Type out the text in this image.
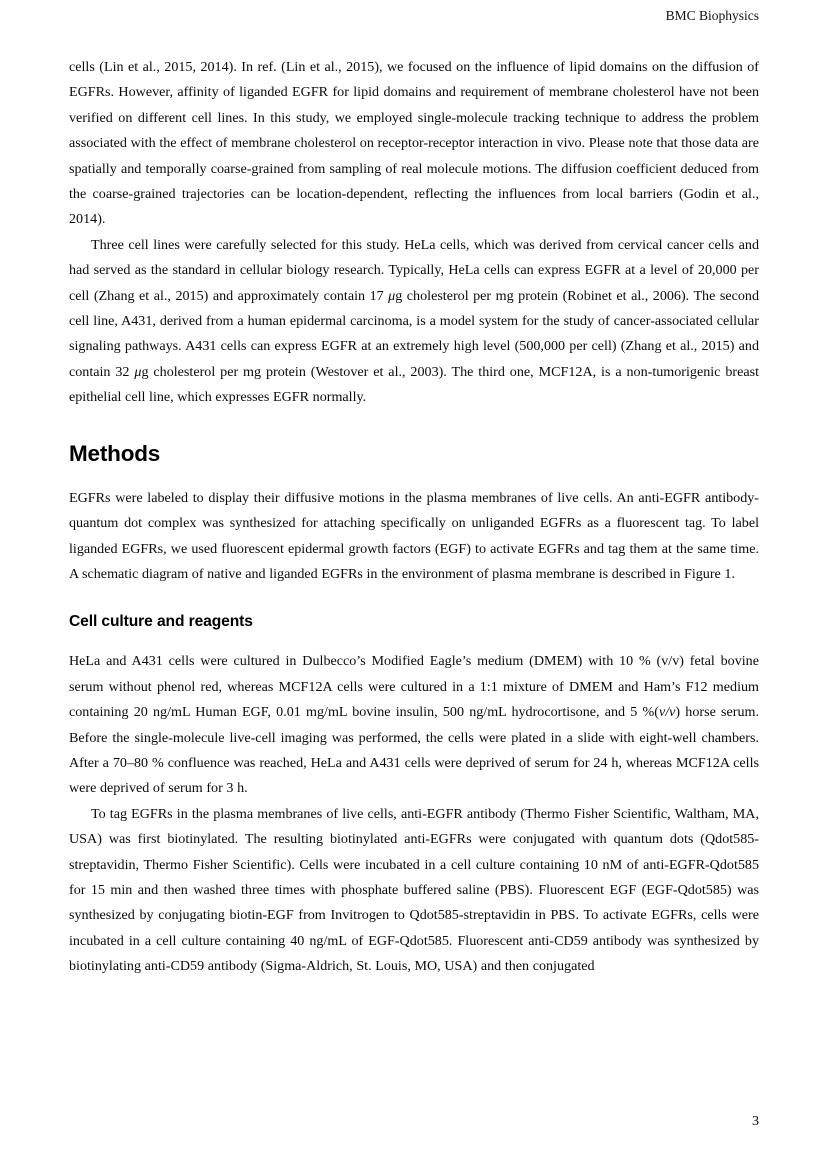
BMC Biophysics

cells (Lin et al., 2015, 2014). In ref. (Lin et al., 2015), we focused on the influence of lipid domains on the diffusion of EGFRs. However, affinity of liganded EGFR for lipid domains and requirement of membrane cholesterol have not been verified on different cell lines. In this study, we employed single-molecule tracking technique to address the problem associated with the effect of membrane cholesterol on receptor-receptor interaction in vivo. Please note that those data are spatially and temporally coarse-grained from sampling of real molecule motions. The diffusion coefficient deduced from the coarse-grained trajectories can be location-dependent, reflecting the influences from local barriers (Godin et al., 2014).

Three cell lines were carefully selected for this study. HeLa cells, which was derived from cervical cancer cells and had served as the standard in cellular biology research. Typically, HeLa cells can express EGFR at a level of 20,000 per cell (Zhang et al., 2015) and approximately contain 17 μg cholesterol per mg protein (Robinet et al., 2006). The second cell line, A431, derived from a human epidermal carcinoma, is a model system for the study of cancer-associated cellular signaling pathways. A431 cells can express EGFR at an extremely high level (500,000 per cell) (Zhang et al., 2015) and contain 32 μg cholesterol per mg protein (Westover et al., 2003). The third one, MCF12A, is a non-tumorigenic breast epithelial cell line, which expresses EGFR normally.

Methods

EGFRs were labeled to display their diffusive motions in the plasma membranes of live cells. An anti-EGFR antibody-quantum dot complex was synthesized for attaching specifically on unliganded EGFRs as a fluorescent tag. To label liganded EGFRs, we used fluorescent epidermal growth factors (EGF) to activate EGFRs and tag them at the same time. A schematic diagram of native and liganded EGFRs in the environment of plasma membrane is described in Figure 1.

Cell culture and reagents

HeLa and A431 cells were cultured in Dulbecco’s Modified Eagle’s medium (DMEM) with 10 % (v/v) fetal bovine serum without phenol red, whereas MCF12A cells were cultured in a 1:1 mixture of DMEM and Ham’s F12 medium containing 20 ng/mL Human EGF, 0.01 mg/mL bovine insulin, 500 ng/mL hydrocortisone, and 5 %(v/v) horse serum. Before the single-molecule live-cell imaging was performed, the cells were plated in a slide with eight-well chambers. After a 70–80 % confluence was reached, HeLa and A431 cells were deprived of serum for 24 h, whereas MCF12A cells were deprived of serum for 3 h.

To tag EGFRs in the plasma membranes of live cells, anti-EGFR antibody (Thermo Fisher Scientific, Waltham, MA, USA) was first biotinylated. The resulting biotinylated anti-EGFRs were conjugated with quantum dots (Qdot585-streptavidin, Thermo Fisher Scientific). Cells were incubated in a cell culture containing 10 nM of anti-EGFR-Qdot585 for 15 min and then washed three times with phosphate buffered saline (PBS). Fluorescent EGF (EGF-Qdot585) was synthesized by conjugating biotin-EGF from Invitrogen to Qdot585-streptavidin in PBS. To activate EGFRs, cells were incubated in a cell culture containing 40 ng/mL of EGF-Qdot585. Fluorescent anti-CD59 antibody was synthesized by biotinylating anti-CD59 antibody (Sigma-Aldrich, St. Louis, MO, USA) and then conjugated

3
